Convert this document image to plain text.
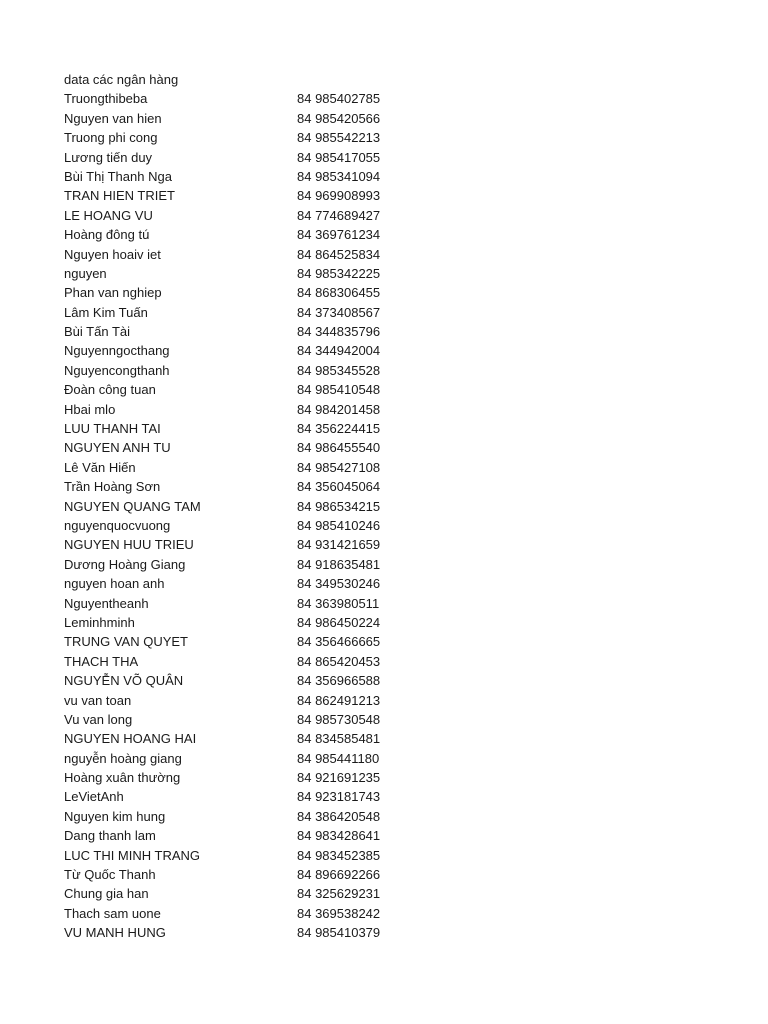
data các ngân hàng
Truongthibeba	84 985402785
Nguyen van hien	84 985420566
Truong phi cong	84 985542213
Lương tiến duy	84 985417055
Bùi Thị Thanh Nga	84 985341094
TRAN HIEN TRIET	84 969908993
LE HOANG VU	84 774689427
Hoàng đông tú	84 369761234
Nguyen hoaiv iet	84 864525834
nguyen	84 985342225
Phan van nghiep	84 868306455
Lâm Kim Tuấn	84 373408567
Bùi Tấn Tài	84 344835796
Nguyenngocthang	84 344942004
Nguyencongthanh	84 985345528
Đoàn công tuan	84 985410548
Hbai mlo	84 984201458
LUU THANH TAI	84 356224415
NGUYEN ANH TU	84 986455540
Lê Văn Hiến	84 985427108
Trần Hoàng Sơn	84 356045064
NGUYEN QUANG TAM	84 986534215
nguyenquocvuong	84 985410246
NGUYEN HUU TRIEU	84 931421659
Dương Hoàng Giang	84 918635481
nguyen hoan anh	84 349530246
Nguyentheanh	84 363980511
Leminhminh	84 986450224
TRUNG VAN QUYET	84 356466665
THACH THA	84 865420453
NGUYỄN VÕ QUÂN	84 356966588
vu van toan	84 862491213
Vu van long	84 985730548
NGUYEN HOANG HAI	84 834585481
nguyễn hoàng giang	84 985441180
Hoàng xuân thường	84 921691235
LeVietAnh	84 923181743
Nguyen kim hung	84 386420548
Dang thanh lam	84 983428641
LUC THI MINH TRANG	84 983452385
Từ Quốc Thanh	84 896692266
Chung gia han	84 325629231
Thach sam uone	84 369538242
VU MANH HUNG	84 985410379
